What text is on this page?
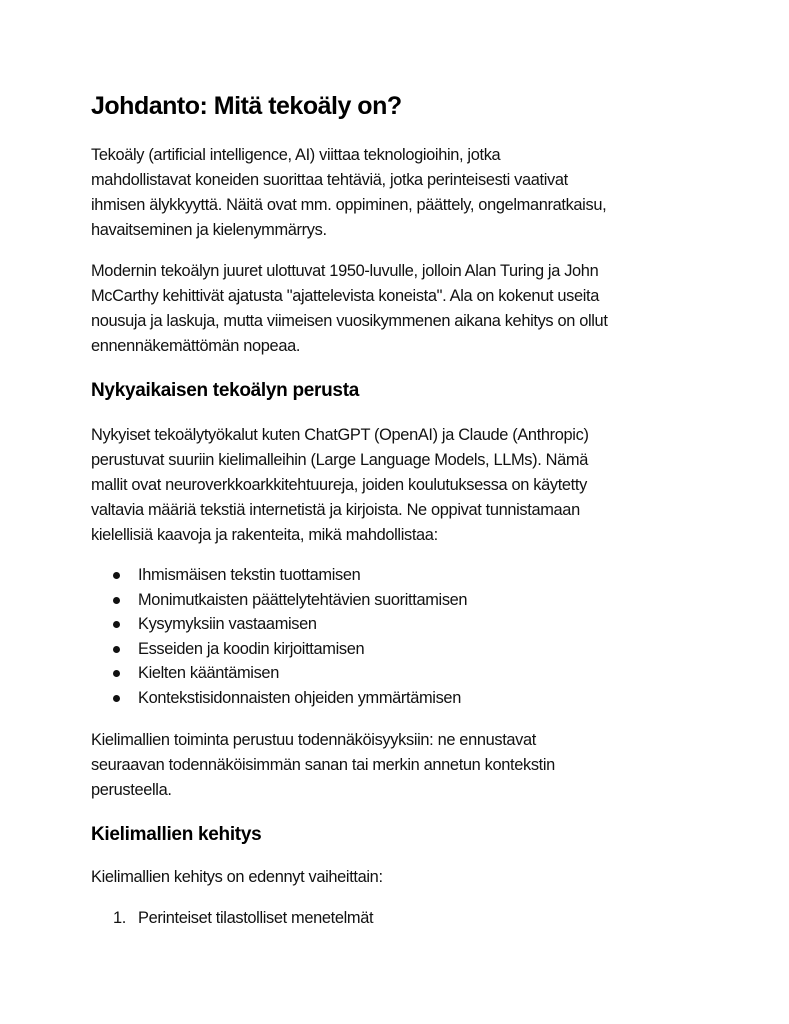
Johdanto: Mitä tekoäly on?

Tekoäly (artificial intelligence, AI) viittaa teknologioihin, jotka
mahdollistavat koneiden suorittaa tehtäviä, jotka perinteisesti vaativat
ihmisen älykkyyttä. Näitä ovat mm. oppiminen, päättely, ongelmanratkaisu,
havaitseminen ja kielenymmärrys.

Modernin tekoälyn juuret ulottuvat 1950-luvulle, jolloin Alan Turing ja John
McCarthy kehittivät ajatusta "ajattelevista koneista". Ala on kokenut useita
nousuja ja laskuja, mutta viimeisen vuosikymmenen aikana kehitys on ollut
ennennäkemättömän nopeaa.

Nykyaikaisen tekoälyn perusta

Nykyiset tekoälytyökalut kuten ChatGPT (OpenAI) ja Claude (Anthropic)
perustuvat suuriin kielimalleihin (Large Language Models, LLMs). Nämä
mallit ovat neuroverkkoarkkitehtuureja, joiden koulutuksessa on käytetty
valtavia määriä tekstiä internetistä ja kirjoista. Ne oppivat tunnistamaan
kielellisiä kaavoja ja rakenteita, mikä mahdollistaa:

Ihmismäisen tekstin tuottamisen
Monimutkaisten päättelytehtävien suorittamisen
Kysymyksiin vastaamisen
Esseiden ja koodin kirjoittamisen
Kielten kääntämisen
Kontekstisidonnaisten ohjeiden ymmärtämisen

Kielimallien toiminta perustuu todennäköisyyksiin: ne ennustavat
seuraavan todennäköisimmän sanan tai merkin annetun kontekstin
perusteella.

Kielimallien kehitys

Kielimallien kehitys on edennyt vaiheittain:

1. Perinteiset tilastolliset menetelmät
